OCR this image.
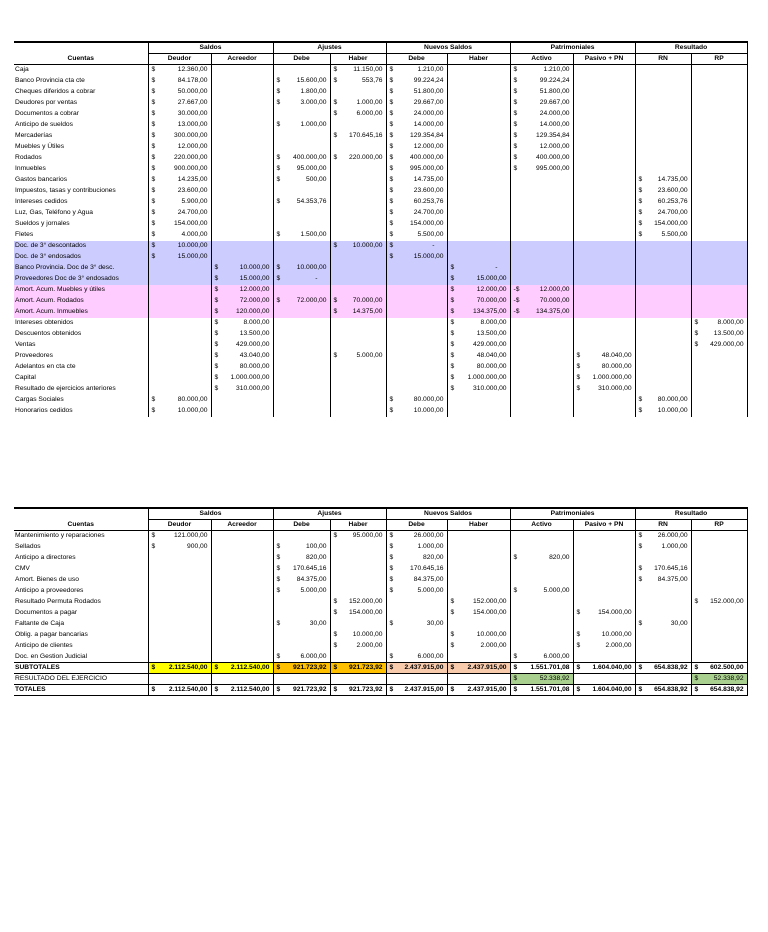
	Saldos		Ajustes		Nuevos Saldos		Patrimoniales		Resultado	
Cuentas	Deudor	Acreedor	Debe	Haber	Debe	Haber	Activo	Pasivo + PN	RN	RP
Caja	$ 12.360,00			$ 11.150,00	$ 1.210,00		$ 1.210,00			

Banco Provincia cta cte	$ 84.178,00		$ 15.600,00	$ 553,76	$ 99.224,24		$ 99.224,24			

Cheques diferidos a cobrar	$ 50.000,00		$ 1.800,00		$ 51.800,00		$ 51.800,00			

Deudores por ventas	$ 27.667,00		$ 3.000,00	$ 1.000,00	$ 29.667,00		$ 29.667,00			

Documentos a cobrar	$ 30.000,00			$ 6.000,00	$ 24.000,00		$ 24.000,00			

Anticipo de sueldos	$ 13.000,00		$ 1.000,00		$ 14.000,00		$ 14.000,00			

Mercaderías	$ 300.000,00			$ 170.645,16	$ 129.354,84		$ 129.354,84			

Muebles y Útiles	$ 12.000,00				$ 12.000,00		$ 12.000,00			

Rodados	$ 220.000,00		$ 400.000,00	$ 220.000,00	$ 400.000,00		$ 400.000,00			

Inmuebles	$ 900.000,00		$ 95.000,00		$ 995.000,00		$ 995.000,00			

Gastos bancarios	$ 14.235,00		$ 500,00		$ 14.735,00				$ 14.735,00	

Impuestos, tasas y contribuciones	$ 23.600,00				$ 23.600,00				$ 23.600,00	

Intereses cedidos	$ 5.900,00		$ 54.353,76		$ 60.253,76				$ 60.253,76	

Luz, Gas, Teléfono y Agua	$ 24.700,00				$ 24.700,00				$ 24.700,00	

Sueldos y jornales	$ 154.000,00				$ 154.000,00				$ 154.000,00	

Fletes	$ 4.000,00		$ 1.500,00		$ 5.500,00				$ 5.500,00	

Doc. de 3° descontados	$ 10.000,00			$ 10.000,00	$ -					

Doc. de 3° endosados	$ 15.000,00				$ 15.000,00					

Banco Provincia. Doc de 3° desc.		$ 10.000,00	$ 10.000,00			$ -				

Proveedores Doc de 3° endosados		$ 15.000,00	$ -			$ 15.000,00				

Amort. Acum. Muebles y útiles		$ 12.000,00				$ 12.000,00	-$ 12.000,00			

Amort. Acum. Rodados		$ 72.000,00	$ 72.000,00	$ 70.000,00		$ 70.000,00	-$ 70.000,00			

Amort. Acum. Inmuebles		$ 120.000,00		$ 14.375,00		$ 134.375,00	-$ 134.375,00			

Intereses obtenidos		$ 8.000,00				$ 8.000,00				$ 8.000,00

Descuentos obtenidos		$ 13.500,00				$ 13.500,00				$ 13.500,00

Ventas		$ 429.000,00				$ 429.000,00				$ 429.000,00

Proveedores		$ 43.040,00		$ 5.000,00		$ 48.040,00		$ 48.040,00		

Adelantos en cta cte		$ 80.000,00				$ 80.000,00		$ 80.000,00		

Capital		$ 1.000.000,00				$ 1.000.000,00		$ 1.000.000,00		

Resultado de ejercicios anteriores		$ 310.000,00				$ 310.000,00		$ 310.000,00		

Cargas Sociales	$ 80.000,00				$ 80.000,00				$ 80.000,00	

Honorarios cedidos	$ 10.000,00				$ 10.000,00				$ 10.000,00	

	Saldos		Ajustes		Nuevos Saldos		Patrimoniales		Resultado	
Cuentas	Deudor	Acreedor	Debe	Haber	Debe	Haber	Activo	Pasivo + PN	RN	RP
Mantenimiento y reparaciones	$ 121.000,00			$ 95.000,00	$ 26.000,00				$ 26.000,00	

Sellados	$ 900,00		$ 100,00		$ 1.000,00				$ 1.000,00	

Anticipo a directores			$ 820,00		$ 820,00		$ 820,00			

CMV			$ 170.645,16		$ 170.645,16				$ 170.645,16	

Amort. Bienes de uso			$ 84.375,00		$ 84.375,00				$ 84.375,00	

Anticipo a proveedores			$ 5.000,00		$ 5.000,00		$ 5.000,00			

Resultado Permuta Rodados				$ 152.000,00		$ 152.000,00				$ 152.000,00

Documentos a pagar				$ 154.000,00		$ 154.000,00		$ 154.000,00		

Faltante de Caja			$ 30,00		$ 30,00				$ 30,00	

Oblig. a pagar bancarias				$ 10.000,00		$ 10.000,00		$ 10.000,00		

Anticipo de clientes				$ 2.000,00		$ 2.000,00		$ 2.000,00		

Doc. en Gestion Judicial			$ 6.000,00		$ 6.000,00		$ 6.000,00			

SUBTOTALES	$ 2.112.540,00	$ 2.112.540,00	$ 921.723,92	$ 921.723,92	$ 2.437.915,00	$ 2.437.915,00	$ 1.551.701,08	$ 1.604.040,00	$ 654.838,92	$ 602.500,00

RESULTADO DEL EJERCICIO							$ 52.338,92			$ 52.338,92

TOTALES	$ 2.112.540,00	$ 2.112.540,00	$ 921.723,92	$ 921.723,92	$ 2.437.915,00	$ 2.437.915,00	$ 1.551.701,08	$ 1.604.040,00	$ 654.838,92	$ 654.838,92
